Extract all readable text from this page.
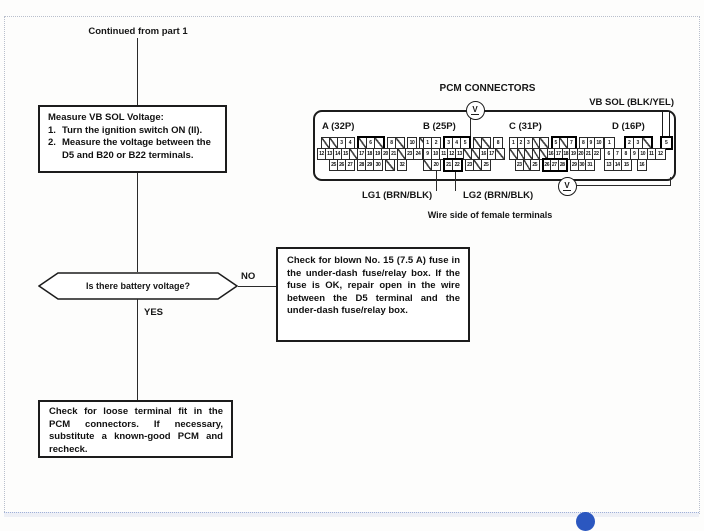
Continued from part 1
Measure VB SOL Voltage:
1. Turn the ignition switch ON (II).
2. Measure the voltage between the D5 and B20 or B22 terminals.
Is there battery voltage?
NO
YES
Check for blown No. 15 (7.5 A) fuse in the under-dash fuse/relay box. If the fuse is OK, repair open in the wire between the D5 terminal and the under-dash fuse/relay box.
Check for loose terminal fit in the PCM connectors. If necessary, substitute a known-good PCM and recheck.
PCM CONNECTORS
VB SOL (BLK/YEL)
V
V
LG1 (BRN/BLK)	LG2 (BRN/BLK)
Wire side of female terminals
A (32P)
3	4	6	8	10
12 13 14 15	17 18 19 20 21	23 24
25 26 27	28 29 30	32
B (25P)
1	2	3	4	5	8
9 10 11 12 13	16 17
20	21 22	23	25
C (31P)
1	2	3	5	7	8	9 10
16 17 18 19 20 21 22
23	25 26 27 28 29 30 31
D (16P)
1	2	3	5
6	7	8	9 10 11 12
13 14 15	16
